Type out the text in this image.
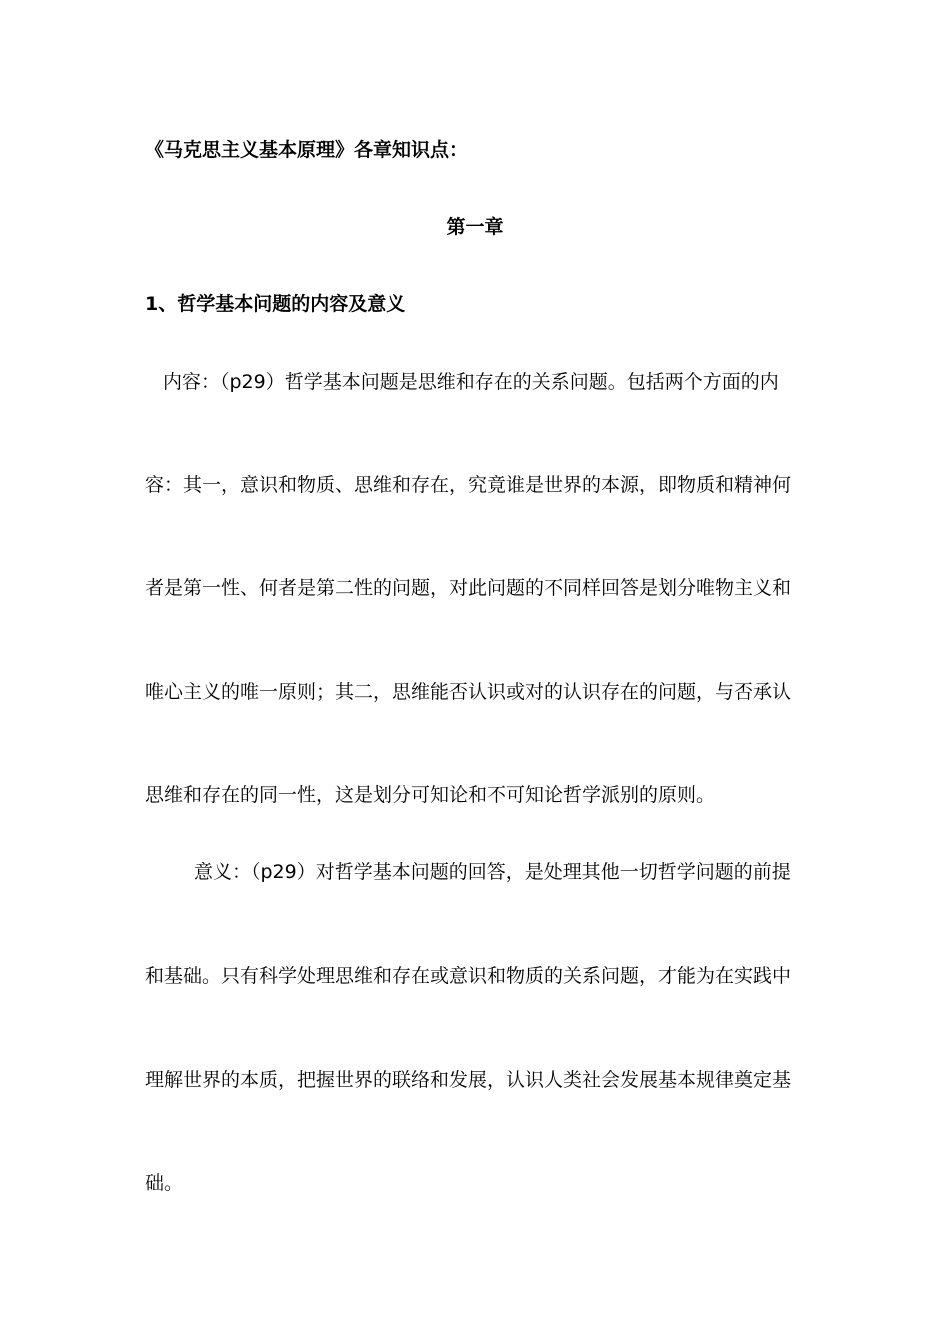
《马克思主义基本原理》各章知识点：
第一章
1、哲学基本问题的内容及意义
内容：（p29）哲学基本问题是思维和存在的关系问题。包括两个方面的内
容：其一，意识和物质、思维和存在，究竟谁是世界的本源，即物质和精神何
者是第一性、何者是第二性的问题，对此问题的不同样回答是划分唯物主义和
唯心主义的唯一原则；其二，思维能否认识或对的认识存在的问题，与否承认
思维和存在的同一性，这是划分可知论和不可知论哲学派别的原则。
意义：（p29）对哲学基本问题的回答，是处理其他一切哲学问题的前提
和基础。只有科学处理思维和存在或意识和物质的关系问题，才能为在实践中
理解世界的本质，把握世界的联络和发展，认识人类社会发展基本规律奠定基
础。
